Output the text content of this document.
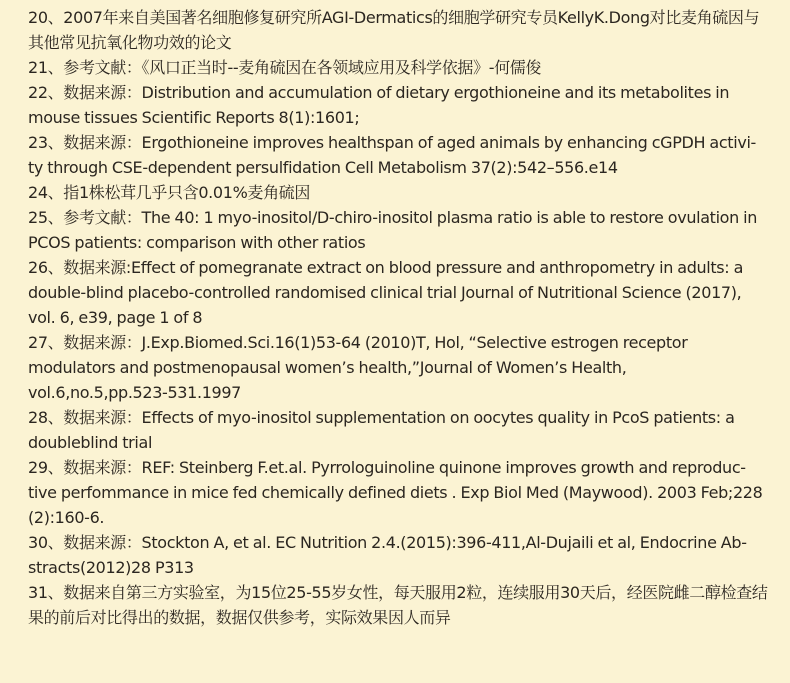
20、2007年来自美国著名细胞修复研究所AGI-Dermatics的细胞学研究专员KellyK.Dong对比麦角硫因与其他常见抗氧化物功效的论文
21、参考文献：《风口正当时--麦角硫因在各领域应用及科学依据》-何儒俊
22、数据来源：Distribution and accumulation of dietary ergothioneine and its metabolites in mouse tissues Scientific Reports 8(1):1601;
23、数据来源：Ergothioneine improves healthspan of aged animals by enhancing cGPDH activi-ty through CSE-dependent persulfidation Cell Metabolism 37(2):542–556.e14
24、指1株松茸几乎只含0.01%麦角硫因
25、参考文献：The 40: 1 myo-inositol/D-chiro-inositol plasma ratio is able to restore ovulation in PCOS patients: comparison with other ratios
26、数据来源:Effect of pomegranate extract on blood pressure and anthropometry in adults: a double-blind placebo-controlled randomised clinical trial Journal of Nutritional Science (2017), vol. 6, e39, page 1 of 8
27、数据来源：J.Exp.Biomed.Sci.16(1)53-64 (2010)T, Hol, “Selective estrogen receptor modulators and postmenopausal women’s health,”Journal of Women’s Health, vol.6,no.5,pp.523-531.1997
28、数据来源：Effects of myo-inositol supplementation on oocytes quality in PcoS patients: a doubleblind trial
29、数据来源：REF: Steinberg F.et.al. Pyrrologuinoline quinone improves growth and reproduc-tive perfommance in mice fed chemically defined diets . Exp Biol Med (Maywood). 2003 Feb;228 (2):160-6.
30、数据来源：Stockton A, et al. EC Nutrition 2.4.(2015):396-411,Al-Dujaili et al, Endocrine Ab-stracts(2012)28 P313
31、数据来自第三方实验室，为15位25-55岁女性，每天服用2粒，连续服用30天后，经医院雌二醇检查结果的前后对比得出的数据，数据仅供参考，实际效果因人而异
